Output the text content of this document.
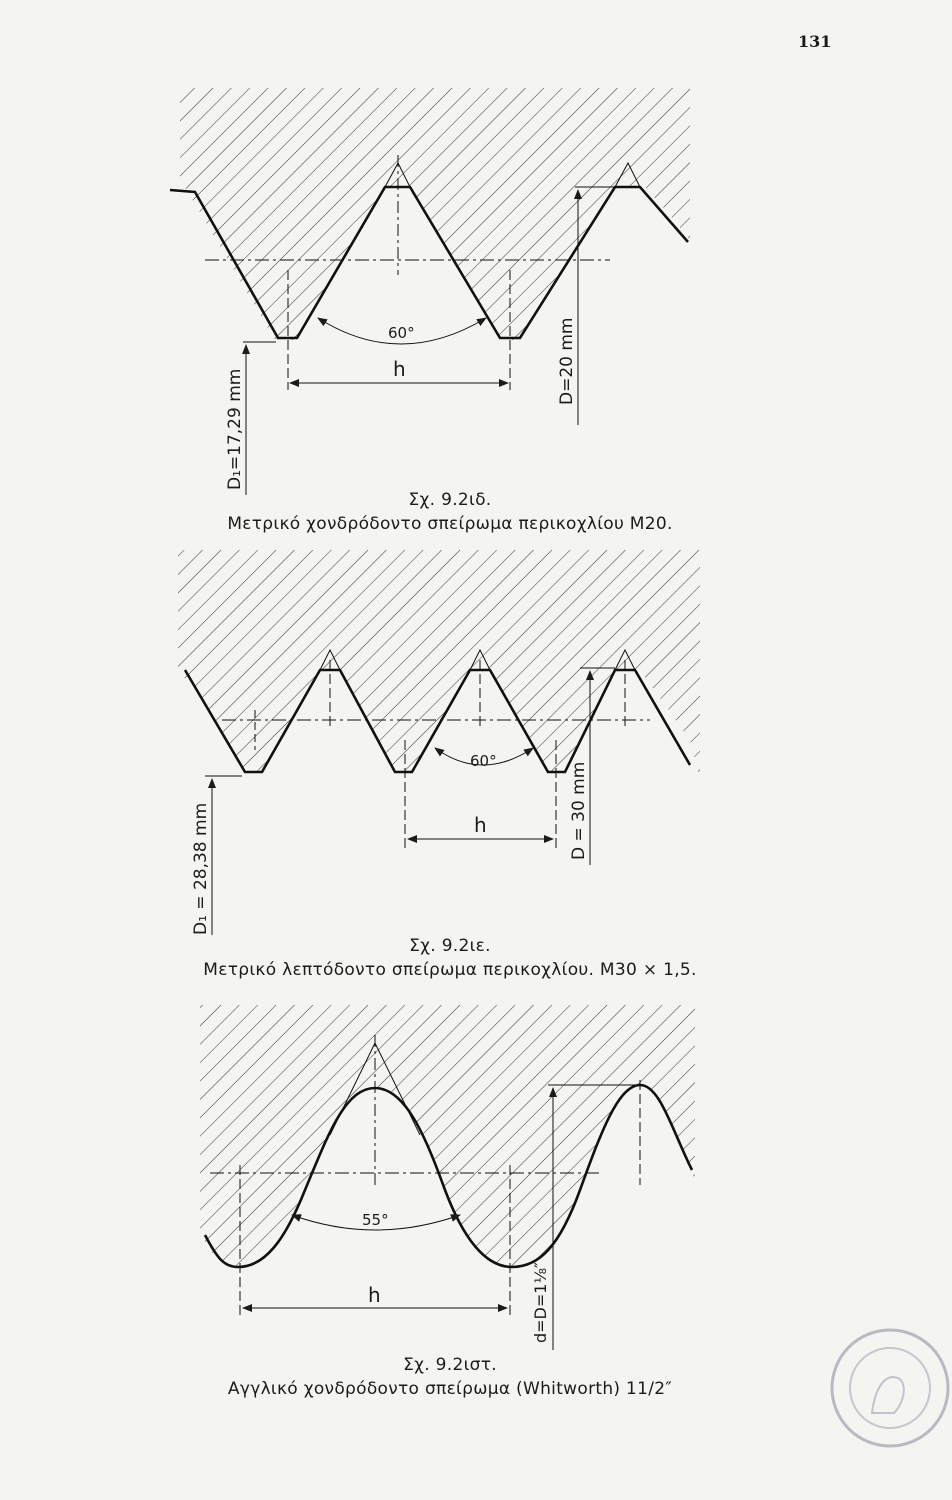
131
60°
h	D=20 mm
D₁=17,29 mm
Σχ. 9.2ιδ.
Μετρικό χονδρόδοντο σπείρωμα περικοχλίου Μ20.
60°
h	D = 30 mm
D₁ = 28,38 mm
Σχ. 9.2ιε.
Μετρικό λεπτόδοντο σπείρωμα περικοχλίου. Μ30 × 1,5.
55°
h	d=D=1⅛″
Σχ. 9.2ιστ.
Αγγλικό χονδρόδοντο σπείρωμα (Whitworth) 11/2″
